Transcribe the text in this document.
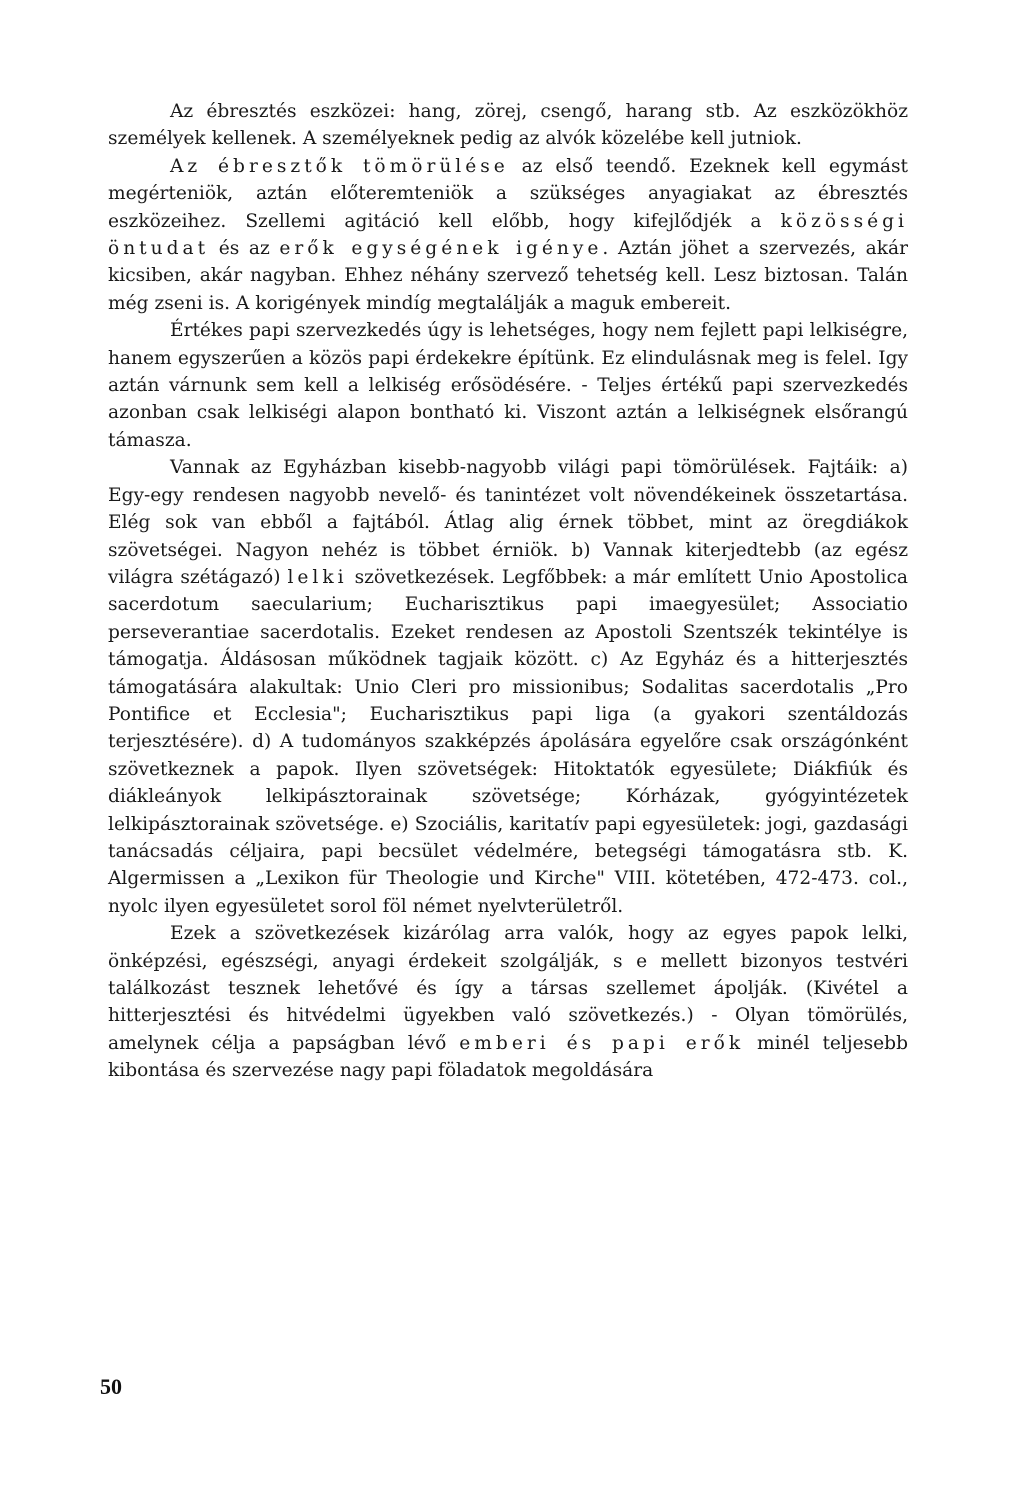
Az ébresztés eszközei: hang, zörej, csengő, harang stb. Az eszközökhöz személyek kellenek. A személyeknek pedig az alvók közelébe kell jutniok.

Az ébresztők tömörülése az első teendő. Ezeknek kell egymást megérteniök, aztán előteremteniök a szükséges anyagiakat az ébresztés eszközeihez. Szellemi agitáció kell előbb, hogy kifejlődjék a közösségi öntudat és az erők egységének igénye. Aztán jöhet a szervezés, akár kicsiben, akár nagyban. Ehhez néhány szervező tehetség kell. Lesz biztosan. Talán még zseni is. A korigények mindíg megtalálják a maguk embereit.

Értékes papi szervezkedés úgy is lehetséges, hogy nem fejlett papi lelkiségre, hanem egyszerűen a közös papi érdekekre építünk. Ez elindulásnak meg is felel. Igy aztán várnunk sem kell a lelkiség erősödésére. - Teljes értékű papi szervezkedés azonban csak lelkiségi alapon bontható ki. Viszont aztán a lelkiségnek elsőrangú támasza.

Vannak az Egyházban kisebb-nagyobb világi papi tömörülések. Fajtáik: a) Egy-egy rendesen nagyobb nevelő- és tanintézet volt növendékeinek összetartása. Elég sok van ebből a fajtából. Átlag alig érnek többet, mint az öregdiákok szövetségei. Nagyon nehéz is többet érniök. b) Vannak kiterjedtebb (az egész világra szétágazó) lelki szövetkezések. Legfőbbek: a már említett Unio Apostolica sacerdotum saecularium; Eucharisztikus papi imaegyesület; Associatio perseverantiae sacerdotalis. Ezeket rendesen az Apostoli Szentszék tekintélye is támogatja. Áldásosan működnek tagjaik között. c) Az Egyház és a hitterjesztés támogatására alakultak: Unio Cleri pro missionibus; Sodalitas sacerdotalis „Pro Pontifice et Ecclesia"; Eucharisztikus papi liga (a gyakori szentáldozás terjesztésére). d) A tudományos szakképzés ápolására egyelőre csak országónként szövetkeznek a papok. Ilyen szövetségek: Hitoktatók egyesülete; Diákfiúk és diákleányok lelkipásztorainak szövetsége; Kórházak, gyógyintézetek lelkipásztorainak szövetsége. e) Szociális, karitatív papi egyesületek: jogi, gazdasági tanácsadás céljaira, papi becsület védelmére, betegségi támogatásra stb. K. Algermissen a „Lexikon für Theologie und Kirche" VIII. kötetében, 472-473. col., nyolc ilyen egyesületet sorol föl német nyelvterületről.

Ezek a szövetkezések kizárólag arra valók, hogy az egyes papok lelki, önképzési, egészségi, anyagi érdekeit szolgálják, s e mellett bizonyos testvéri találkozást tesznek lehetővé és így a társas szellemet ápolják. (Kivétel a hitterjesztési és hitvédelmi ügyekben való szövetkezés.) - Olyan tömörülés, amelynek célja a papságban lévő emberi és papi erők minél teljesebb kibontása és szervezése nagy papi föladatok megoldására

50
